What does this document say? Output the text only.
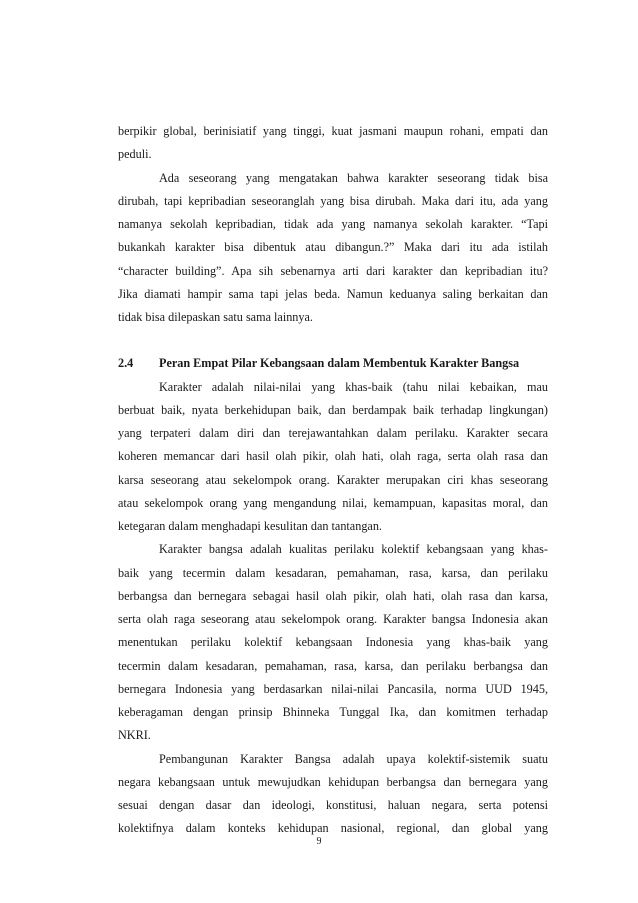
berpikir global, berinisiatif yang tinggi, kuat jasmani maupun rohani, empati dan
peduli.
Ada seseorang yang mengatakan bahwa karakter seseorang tidak bisa
dirubah, tapi kepribadian seseoranglah yang bisa dirubah. Maka dari itu, ada yang
namanya sekolah kepribadian, tidak ada yang namanya sekolah karakter. “Tapi
bukankah karakter bisa dibentuk atau dibangun.?” Maka dari itu ada istilah
“character building”. Apa sih sebenarnya arti dari karakter dan kepribadian itu?
Jika diamati hampir sama tapi jelas beda. Namun keduanya saling berkaitan dan
tidak bisa dilepaskan satu sama lainnya.
2.4	Peran Empat Pilar Kebangsaan dalam Membentuk Karakter Bangsa
Karakter adalah nilai-nilai yang khas-baik (tahu nilai kebaikan, mau
berbuat baik, nyata berkehidupan baik, dan berdampak baik terhadap lingkungan)
yang terpateri dalam diri dan terejawantahkan dalam perilaku. Karakter secara
koheren memancar dari hasil olah pikir, olah hati, olah raga, serta olah rasa dan
karsa seseorang atau sekelompok orang. Karakter merupakan ciri khas seseorang
atau sekelompok orang yang mengandung nilai, kemampuan, kapasitas moral, dan
ketegaran dalam menghadapi kesulitan dan tantangan.
Karakter bangsa adalah kualitas perilaku kolektif kebangsaan yang khas-
baik yang tecermin dalam kesadaran, pemahaman, rasa, karsa, dan perilaku
berbangsa dan bernegara sebagai hasil olah pikir, olah hati, olah rasa dan karsa,
serta olah raga seseorang atau sekelompok orang. Karakter bangsa Indonesia akan
menentukan perilaku kolektif kebangsaan Indonesia yang khas-baik yang
tecermin dalam kesadaran, pemahaman, rasa, karsa, dan perilaku berbangsa dan
bernegara Indonesia yang berdasarkan nilai-nilai Pancasila, norma UUD 1945,
keberagaman dengan prinsip Bhinneka Tunggal Ika, dan komitmen terhadap
NKRI.
Pembangunan Karakter Bangsa adalah upaya kolektif-sistemik suatu
negara kebangsaan untuk mewujudkan kehidupan berbangsa dan bernegara yang
sesuai dengan dasar dan ideologi, konstitusi, haluan negara, serta potensi
kolektifnya dalam konteks kehidupan nasional, regional, dan global yang
9
